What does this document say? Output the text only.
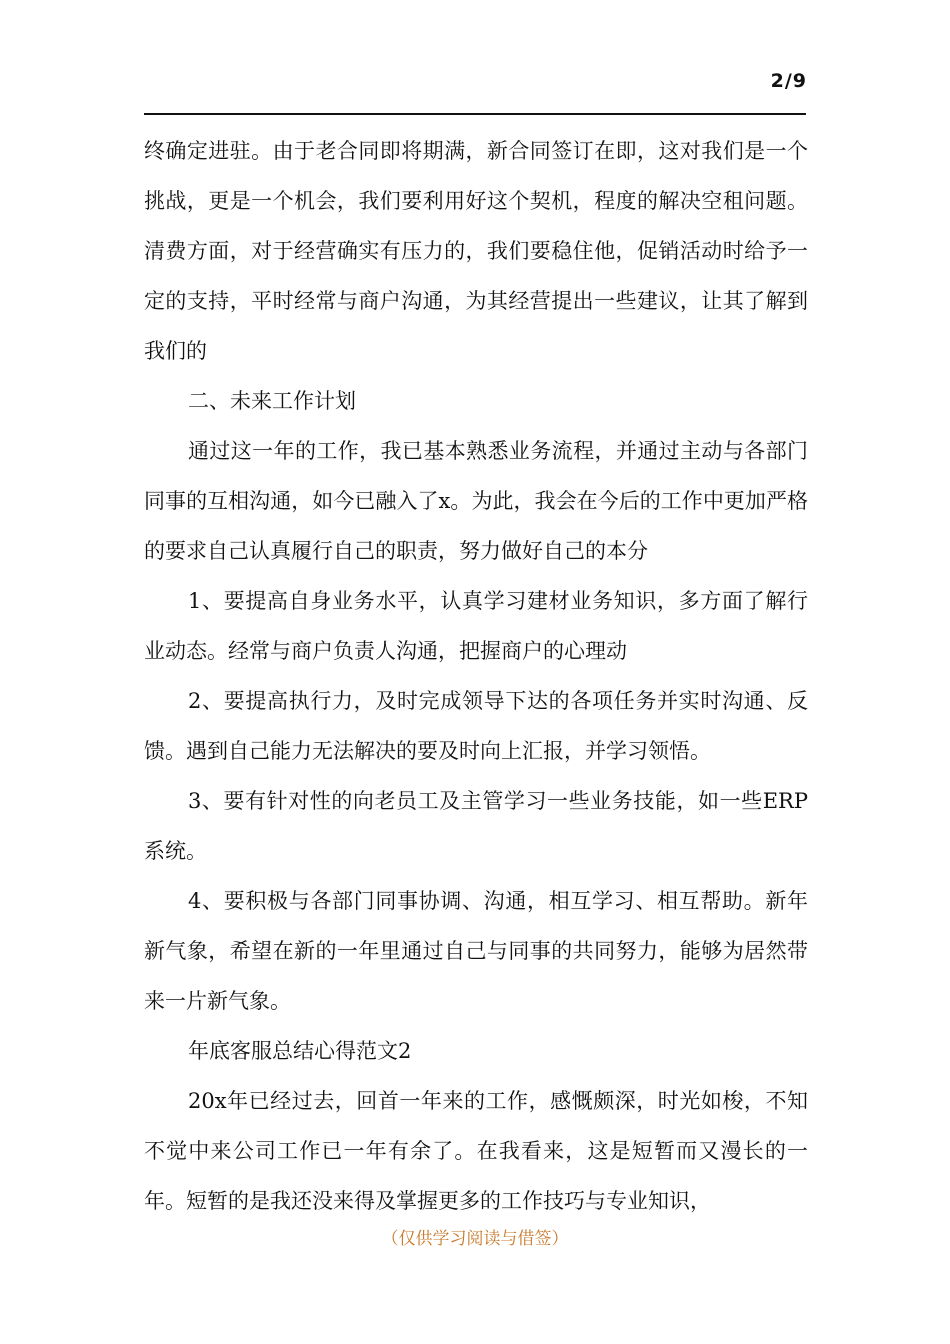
2/9

终确定进驻。由于老合同即将期满，新合同签订在即，这对我们是一个挑战，更是一个机会，我们要利用好这个契机，程度的解决空租问题。清费方面，对于经营确实有压力的，我们要稳住他，促销活动时给予一定的支持，平时经常与商户沟通，为其经营提出一些建议，让其了解到我们的

二、未来工作计划

通过这一年的工作，我已基本熟悉业务流程，并通过主动与各部门同事的互相沟通，如今已融入了x。为此，我会在今后的工作中更加严格的要求自己认真履行自己的职责，努力做好自己的本分

1、要提高自身业务水平，认真学习建材业务知识，多方面了解行业动态。经常与商户负责人沟通，把握商户的心理动

2、要提高执行力，及时完成领导下达的各项任务并实时沟通、反馈。遇到自己能力无法解决的要及时向上汇报，并学习领悟。

3、要有针对性的向老员工及主管学习一些业务技能，如一些ERP系统。

4、要积极与各部门同事协调、沟通，相互学习、相互帮助。新年新气象，希望在新的一年里通过自己与同事的共同努力，能够为居然带来一片新气象。

年底客服总结心得范文2

20x年已经过去，回首一年来的工作，感慨颇深，时光如梭，不知不觉中来公司工作已一年有余了。在我看来，这是短暂而又漫长的一年。短暂的是我还没来得及掌握更多的工作技巧与专业知识，

（仅供学习阅读与借签）
